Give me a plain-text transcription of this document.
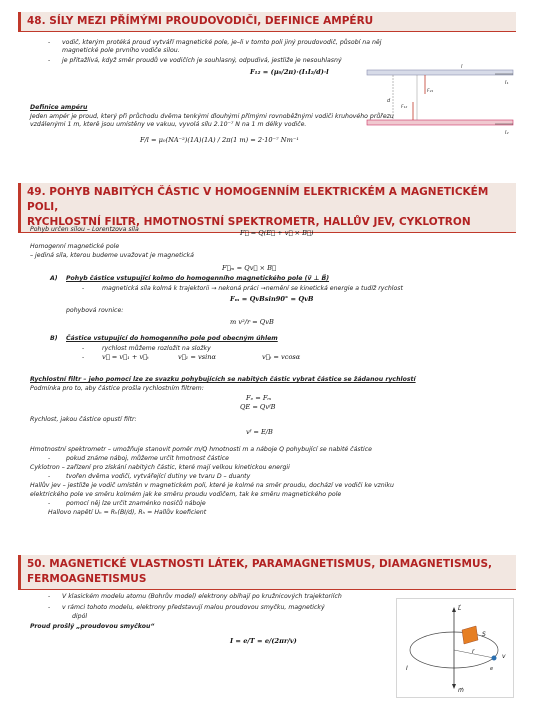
48. SÍLY MEZI PŘÍMÝMI PROUDOVODIČI, DEFINICE AMPÉRU
- vodič, kterým protéká proud vytváří magnetické pole, je–li v tomto poli jiný proudovodič, působí na něj
magnetické pole prvního vodiče silou.
- je přitažlivá, když směr proudů ve vodičích je souhlasný, odpudivá, jestliže je nesouhlasný
F₁₂ = (μ₀/2π)·(I₁I₂/d)·l
l
d
I₁
I₂
F₁₂
F₂₁
Definice ampéru
Jeden ampér je proud, který při průchodu dvěma tenkými dlouhými přímými rovnoběžnými vodiči kruhového průřezu
vzdálenými 1 m, kterě jsou umístěny ve vakuu, vyvolá sílu 2.10⁻⁷ N na 1 m délky vodiče.
F/l = μ₀(NA⁻²)(1A)(1A) / 2π(1 m) = 2·10⁻⁷ Nm⁻¹
49. POHYB NABITÝCH ČÁSTIC V HOMOGENNÍM ELEKTRICKÉM A MAGNETICKÉM POLI,
RYCHLOSTNÍ FILTR, HMOTNOSTNÍ SPEKTROMETR, HALLŮV JEV, CYKLOTRON
Pohyb určen silou – Lorentzova síla	F⃗ = Q(E⃗ + v⃗ × B⃗)
Homogenní magnetické pole
– jediná síla, kterou budeme uvažovat je magnetická
F⃗ₘ = Qv⃗ × B⃗
A) Pohyb částice vstupující kolmo do homogenního magnetického pole (v⃗ ⊥ B⃗)
-	magnetická síla kolmá k trajektorii → nekoná práci →nemění se kinetická energie a tudíž rychlost
Fₘ = QvBsin90° = QvB
pohybová rovnice:
m v²/r = QvB
B) Částice vstupující do homogenního pole pod obecným úhlem
-	rychlost můžeme rozložit na složky
-	v⃗ = v⃗₁ + v⃗ₜ	v⃗₁ = vsinα	v⃗ₜ = vcosα
Rychlostní filtr – jeho pomocí lze ze svazku pohybujících se nabitých částic vybrat částice se žádanou rychlostí
Podmínka pro to, aby částice prošla rychlostním filtrem:
Fₑ = Fₘ
QE = QvᶠB
Rychlost, jakou částice opustí filtr:
vᶠ = E/B
Hmotnostní spektrometr – umožňuje stanovit poměr m/Q hmotnosti m a náboje Q pohybující se nabité částice
-	pokud známe náboj, můžeme určit hmotnost částice
Cyklotron – zařízení pro získání nabitých částic, které mají velkou kinetickou energii
-	tvořen dvěma vodiči, vytvářející dutiny ve tvaru D – duanty
Hallův jev – jestliže je vodič umístěn v magnetickém poli, které je kolmé na směr proudu, dochází ve vodiči ke vzniku
elektrického pole ve směru kolmém jak ke směru proudu vodičem, tak ke směru magnetického pole
-	pomocí něj lze určit znaménko nosičů náboje
Hallovo napětí Uₕ = Rₕ(BI/d), Rₕ = Hallův koeficient
50. MAGNETICKÉ VLASTNOSTI LÁTEK, PARAMAGNETISMUS, DIAMAGNETISMUS,
FERMOAGNETISMUS
- V klasickém modelu atomu (Bohrův model) elektrony obíhají po kružnicových trajektoriích
- v rámci tohoto modelu, elektrony představují malou proudovou smyčku, magnetický
dipól
Proud prošlý „proudovou smyčkou“
I = e/T = e/(2πr/v)
L⃗
S
r
v
I
m⃗
e
